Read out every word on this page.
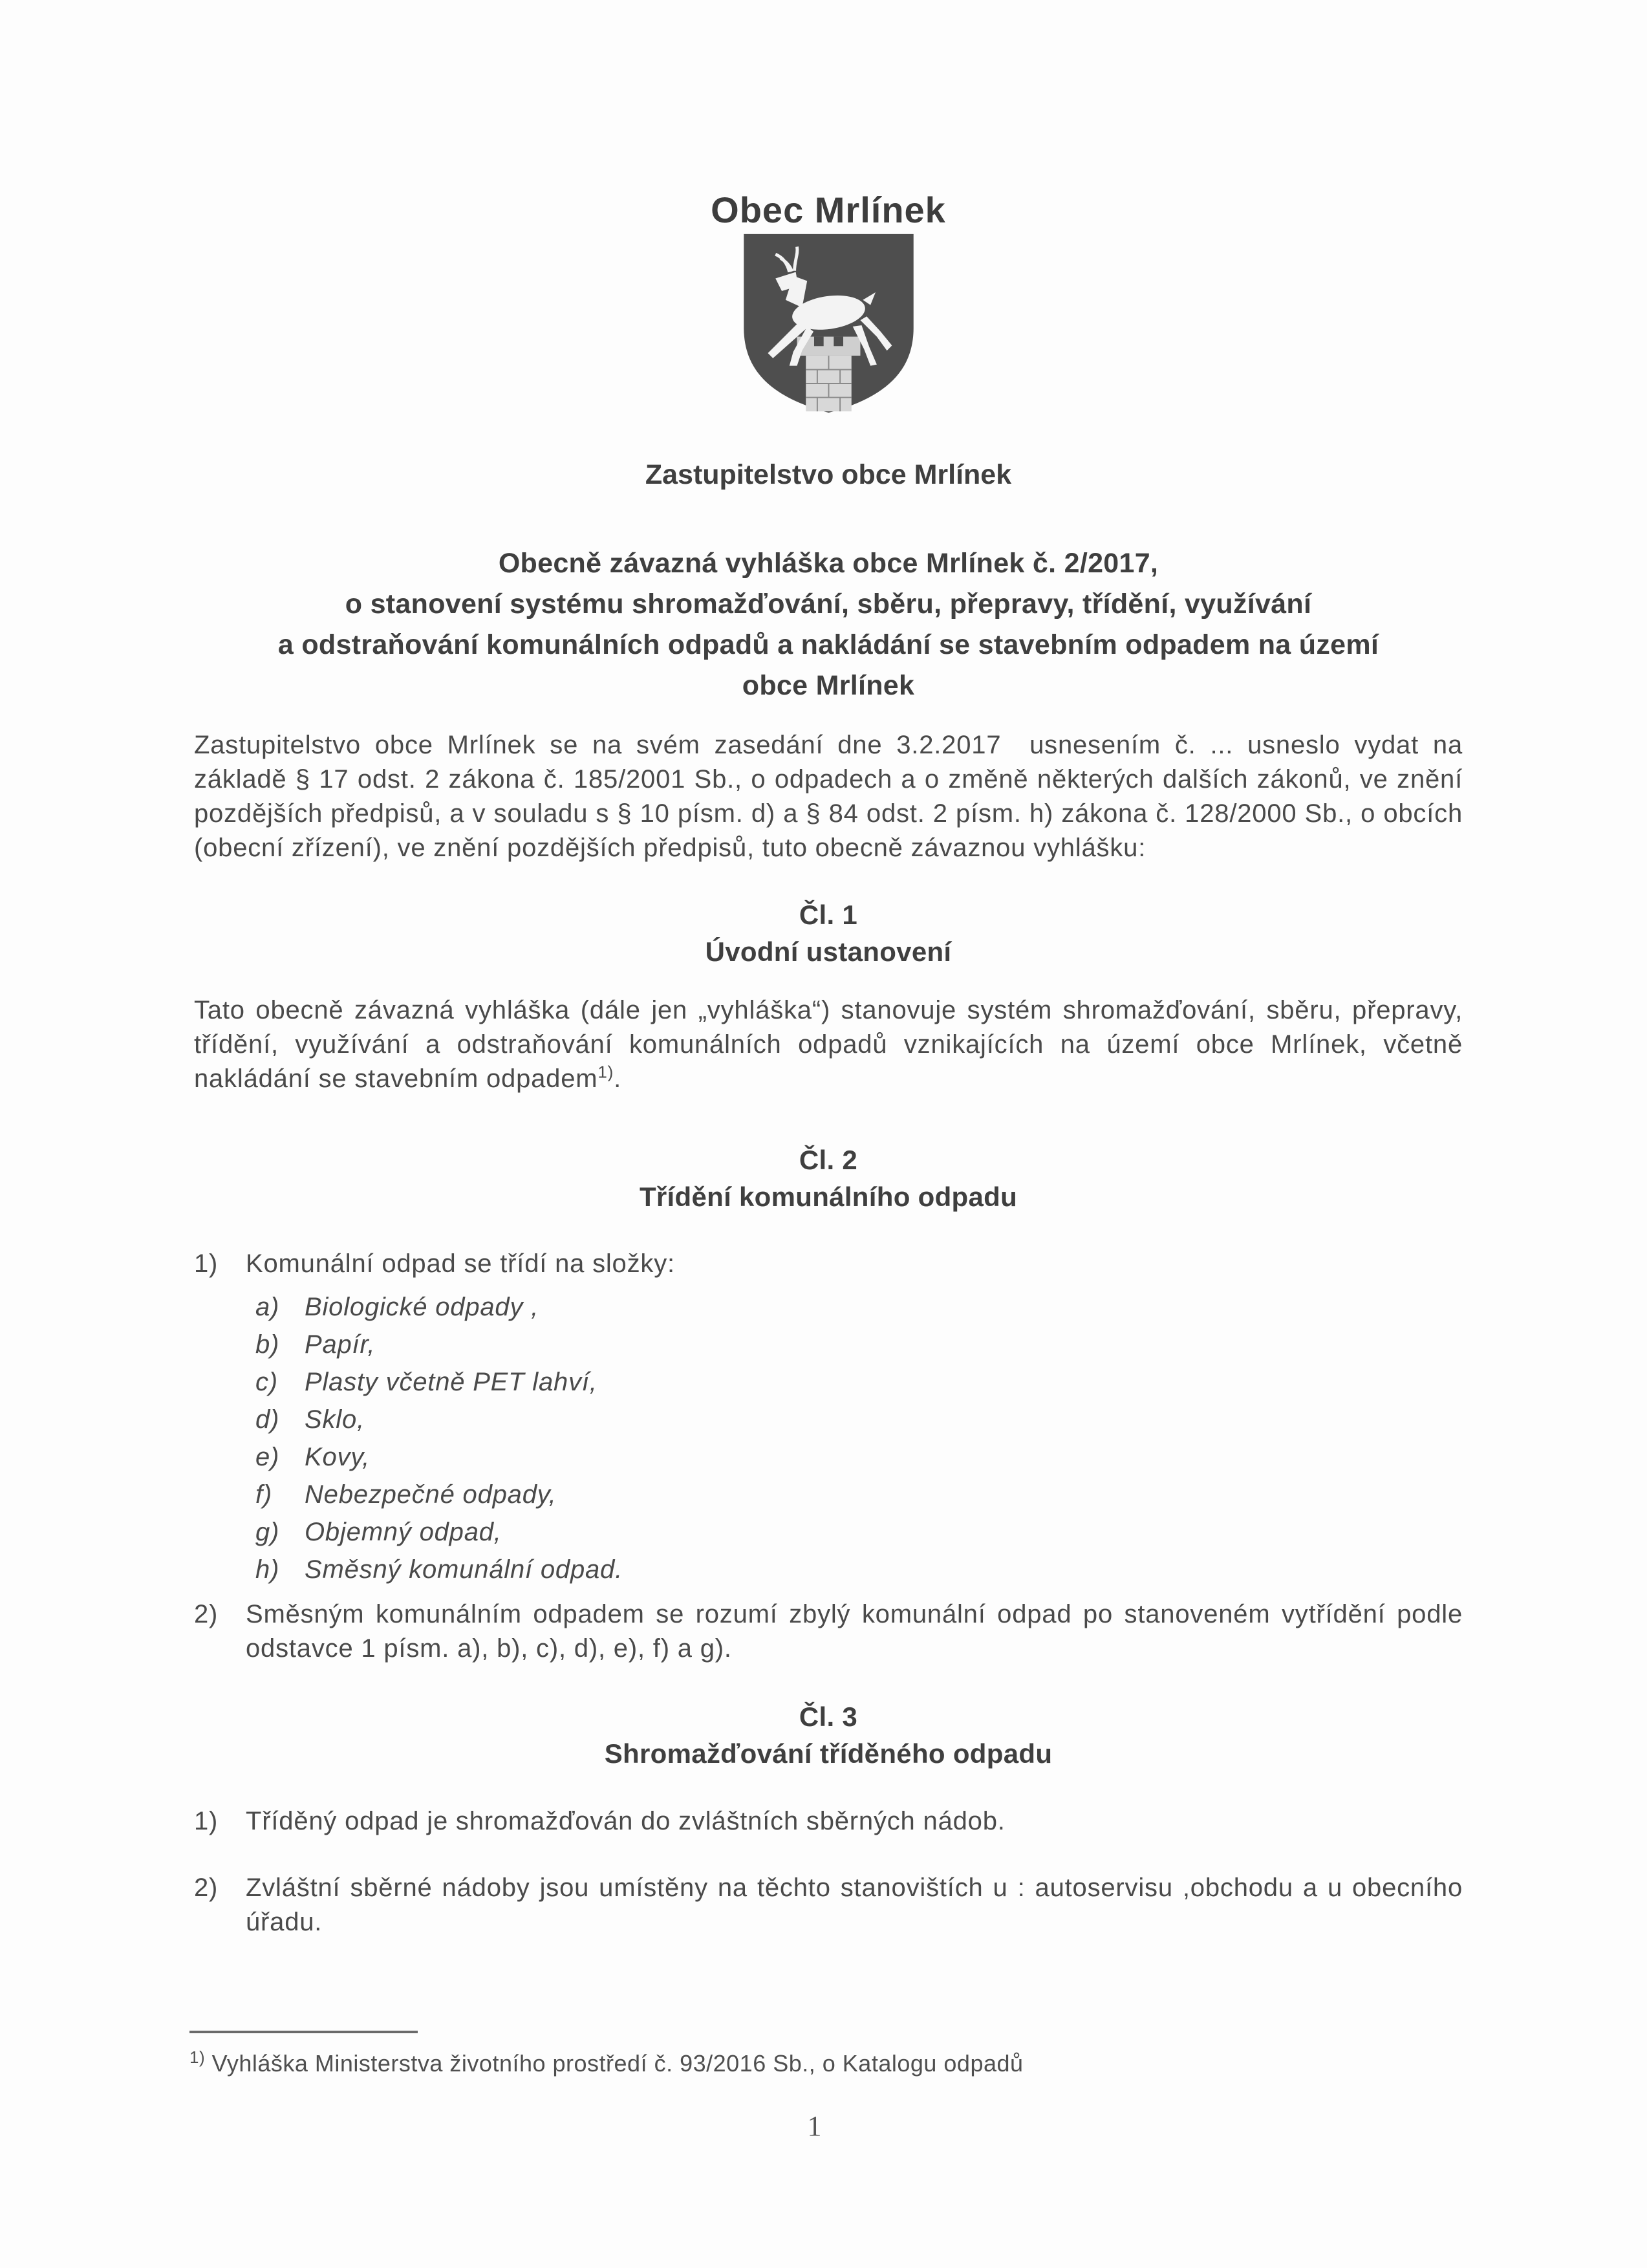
Obec Mrlínek
Zastupitelstvo obce Mrlínek
Obecně závazná vyhláška obce Mrlínek č. 2/2017,
o stanovení systému shromažďování, sběru, přepravy, třídění, využívání
a odstraňování komunálních odpadů a nakládání se stavebním odpadem na území
obce Mrlínek

Zastupitelstvo obce Mrlínek se na svém zasedání dne 3.2.2017  usnesením č. ... usneslo vydat na základě § 17 odst. 2 zákona č. 185/2001 Sb., o odpadech a o změně některých dalších zákonů, ve znění pozdějších předpisů, a v souladu s § 10 písm. d) a § 84 odst. 2 písm. h) zákona č. 128/2000 Sb., o obcích (obecní zřízení), ve znění pozdějších předpisů, tuto obecně závaznou vyhlášku:

Čl. 1
Úvodní ustanovení

Tato obecně závazná vyhláška (dále jen „vyhláška“) stanovuje systém shromažďování, sběru, přepravy, třídění, využívání a odstraňování komunálních odpadů vznikajících na území obce Mrlínek, včetně nakládání se stavebním odpadem$^{1)}$.

Čl. 2
Třídění komunálního odpadu
1)	Komunální odpad se třídí na složky:
a) Biologické odpady ,
b) Papír,
c)	Plasty včetně PET lahví,
d) Sklo,
e) Kovy,
f)	Nebezpečné odpady,
g) Objemný odpad,
h) Směsný komunální odpad.
2)	Směsným komunálním odpadem se rozumí zbylý komunální odpad po stanoveném vytřídění podle odstavce 1 písm. a), b), c), d), e), f) a g).
Čl. 3
Shromažďování tříděného odpadu
1)	Tříděný odpad je shromažďován do zvláštních sběrných nádob.
2)	Zvláštní sběrné nádoby jsou umístěny na těchto stanovištích u : autoservisu ,obchodu a u obecního úřadu.
$^{1)}$ Vyhláška Ministerstva životního prostředí č. 93/2016 Sb., o Katalogu odpadů
1
